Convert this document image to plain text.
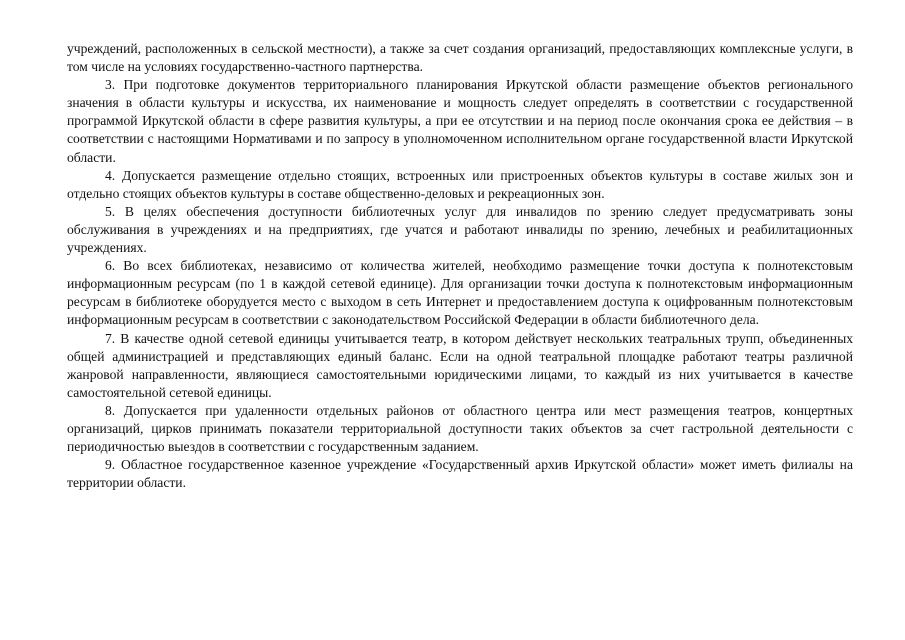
учреждений, расположенных в сельской местности), а также за счет создания организаций, предоставляющих комплексные услуги, в том числе на условиях государственно-частного партнерства.

3. При подготовке документов территориального планирования Иркутской области размещение объектов регионального значения в области культуры и искусства, их наименование и мощность следует определять в соответствии с государственной программой Иркутской области в сфере развития культуры, а при ее отсутствии и на период после окончания срока ее действия – в соответствии с настоящими Нормативами и по запросу в уполномоченном исполнительном органе государственной власти Иркутской области.

4. Допускается размещение отдельно стоящих, встроенных или пристроенных объектов культуры в составе жилых зон и отдельно стоящих объектов культуры в составе общественно-деловых и рекреационных зон.

5. В целях обеспечения доступности библиотечных услуг для инвалидов по зрению следует предусматривать зоны обслуживания в учреждениях и на предприятиях, где учатся и работают инвалиды по зрению, лечебных и реабилитационных учреждениях.

6. Во всех библиотеках, независимо от количества жителей, необходимо размещение точки доступа к полнотекстовым информационным ресурсам (по 1 в каждой сетевой единице). Для организации точки доступа к полнотекстовым информационным ресурсам в библиотеке оборудуется место с выходом в сеть Интернет и предоставлением доступа к оцифрованным полнотекстовым информационным ресурсам в соответствии с законодательством Российской Федерации в области библиотечного дела.

7. В качестве одной сетевой единицы учитывается театр, в котором действует нескольких театральных трупп, объединенных общей администрацией и представляющих единый баланс. Если на одной театральной площадке работают театры различной жанровой направленности, являющиеся самостоятельными юридическими лицами, то каждый из них учитывается в качестве самостоятельной сетевой единицы.

8. Допускается при удаленности отдельных районов от областного центра или мест размещения театров, концертных организаций, цирков принимать показатели территориальной доступности таких объектов за счет гастрольной деятельности с периодичностью выездов в соответствии с государственным заданием.

9. Областное государственное казенное учреждение «Государственный архив Иркутской области» может иметь филиалы на территории области.
